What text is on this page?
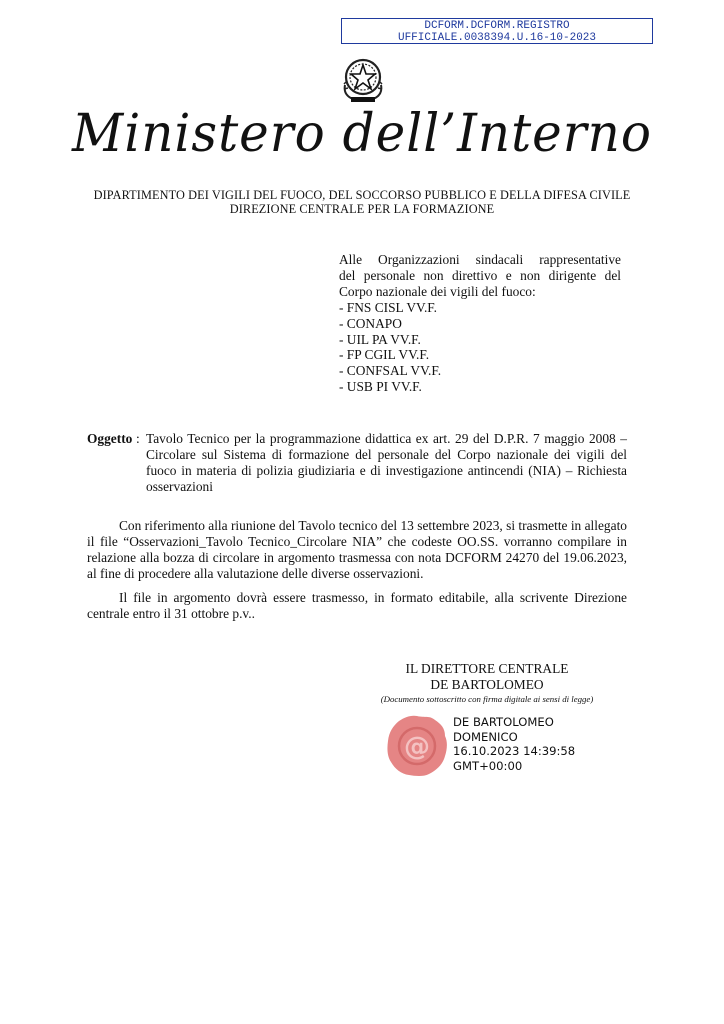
DCFORM.DCFORM.REGISTRO
UFFICIALE.0038394.U.16-10-2023
Ministero dell’Interno
DIPARTIMENTO DEI VIGILI DEL FUOCO, DEL SOCCORSO PUBBLICO E DELLA DIFESA CIVILE
DIREZIONE CENTRALE PER LA FORMAZIONE
Alle Organizzazioni sindacali rappresentative
del personale non direttivo e non dirigente del
Corpo nazionale dei vigili del fuoco:
- FNS CISL VV.F.
- CONAPO
- UIL PA VV.F.
- FP CGIL VV.F.
- CONFSAL VV.F.
- USB PI VV.F.
Oggetto : Tavolo Tecnico per la programmazione didattica ex art. 29 del D.P.R. 7 maggio 2008 – Circolare sul Sistema di formazione del personale del Corpo nazionale dei vigili del fuoco in materia di polizia giudiziaria e di investigazione antincendi (NIA) – Richiesta osservazioni

Con riferimento alla riunione del Tavolo tecnico del 13 settembre 2023, si trasmette in allegato il file “Osservazioni_Tavolo Tecnico_Circolare NIA” che codeste OO.SS. vorranno compilare in relazione alla bozza di circolare in argomento trasmessa con nota DCFORM 24270 del 19.06.2023, al fine di procedere alla valutazione delle diverse osservazioni.

Il file in argomento dovrà essere trasmesso, in formato editabile, alla scrivente Direzione centrale entro il 31 ottobre p.v..

IL DIRETTORE CENTRALE
DE BARTOLOMEO
(Documento sottoscritto con firma digitale ai sensi di legge)
@
DE BARTOLOMEO
DOMENICO
16.10.2023 14:39:58
GMT+00:00
